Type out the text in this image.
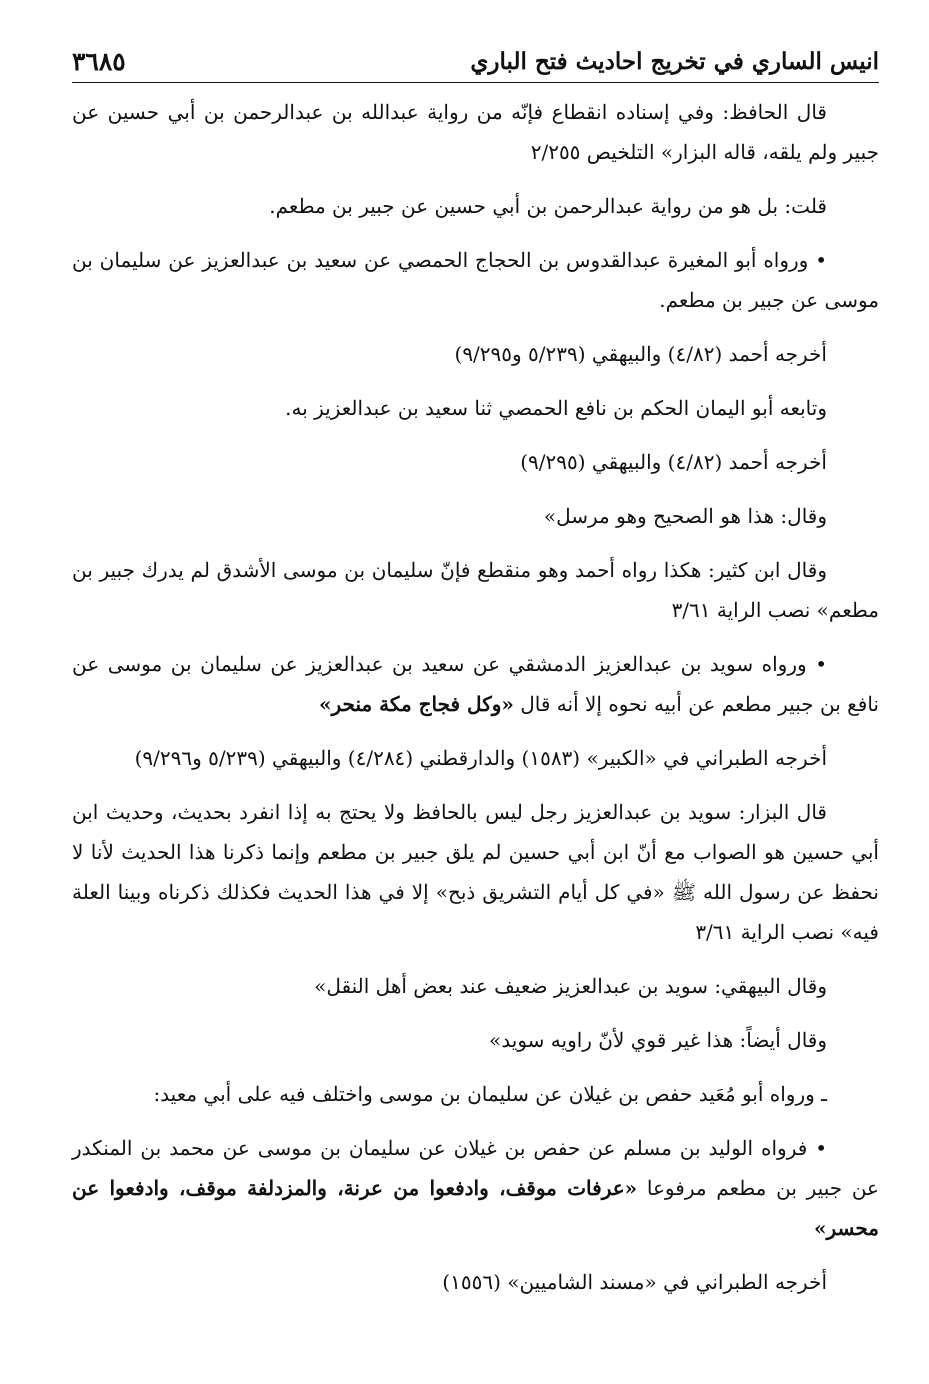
انيس الساري في تخريج احاديث فتح الباري
٣٦٨٥

قال الحافظ: وفي إسناده انقطاع فإنّه من رواية عبدالله بن عبدالرحمن بن أبي حسين عن جبير ولم يلقه، قاله البزار» التلخيص ٢/٢٥٥

قلت: بل هو من رواية عبدالرحمن بن أبي حسين عن جبير بن مطعم.

• ورواه أبو المغيرة عبدالقدوس بن الحجاج الحمصي عن سعيد بن عبدالعزيز عن سليمان بن موسى عن جبير بن مطعم.

أخرجه أحمد (٤/٨٢) والبيهقي (٥/٢٣٩ و٩/٢٩٥)

وتابعه أبو اليمان الحكم بن نافع الحمصي ثنا سعيد بن عبدالعزيز به.

أخرجه أحمد (٤/٨٢) والبيهقي (٩/٢٩٥)

وقال: هذا هو الصحيح وهو مرسل»

وقال ابن كثير: هكذا رواه أحمد وهو منقطع فإنّ سليمان بن موسى الأشدق لم يدرك جبير بن مطعم» نصب الراية ٣/٦١

• ورواه سويد بن عبدالعزيز الدمشقي عن سعيد بن عبدالعزيز عن سليمان بن موسى عن نافع بن جبير مطعم عن أبيه نحوه إلا أنه قال «وكل فجاج مكة منحر»

أخرجه الطبراني في «الكبير» (١٥٨٣) والدارقطني (٤/٢٨٤) والبيهقي (٥/٢٣٩ و٩/٢٩٦)

قال البزار: سويد بن عبدالعزيز رجل ليس بالحافظ ولا يحتج به إذا انفرد بحديث، وحديث ابن أبي حسين هو الصواب مع أنّ ابن أبي حسين لم يلق جبير بن مطعم وإنما ذكرنا هذا الحديث لأنا لا نحفظ عن رسول الله ﷺ «في كل أيام التشريق ذبح» إلا في هذا الحديث فكذلك ذكرناه وبينا العلة فيه» نصب الراية ٣/٦١

وقال البيهقي: سويد بن عبدالعزيز ضعيف عند بعض أهل النقل»

وقال أيضاً: هذا غير قوي لأنّ راويه سويد»

ـ ورواه أبو مُعَيد حفص بن غيلان عن سليمان بن موسى واختلف فيه على أبي معيد:

• فرواه الوليد بن مسلم عن حفص بن غيلان عن سليمان بن موسى عن محمد بن المنكدر عن جبير بن مطعم مرفوعا «عرفات موقف، وادفعوا من عرنة، والمزدلفة موقف، وادفعوا عن محسر»

أخرجه الطبراني في «مسند الشاميين» (١٥٥٦)
